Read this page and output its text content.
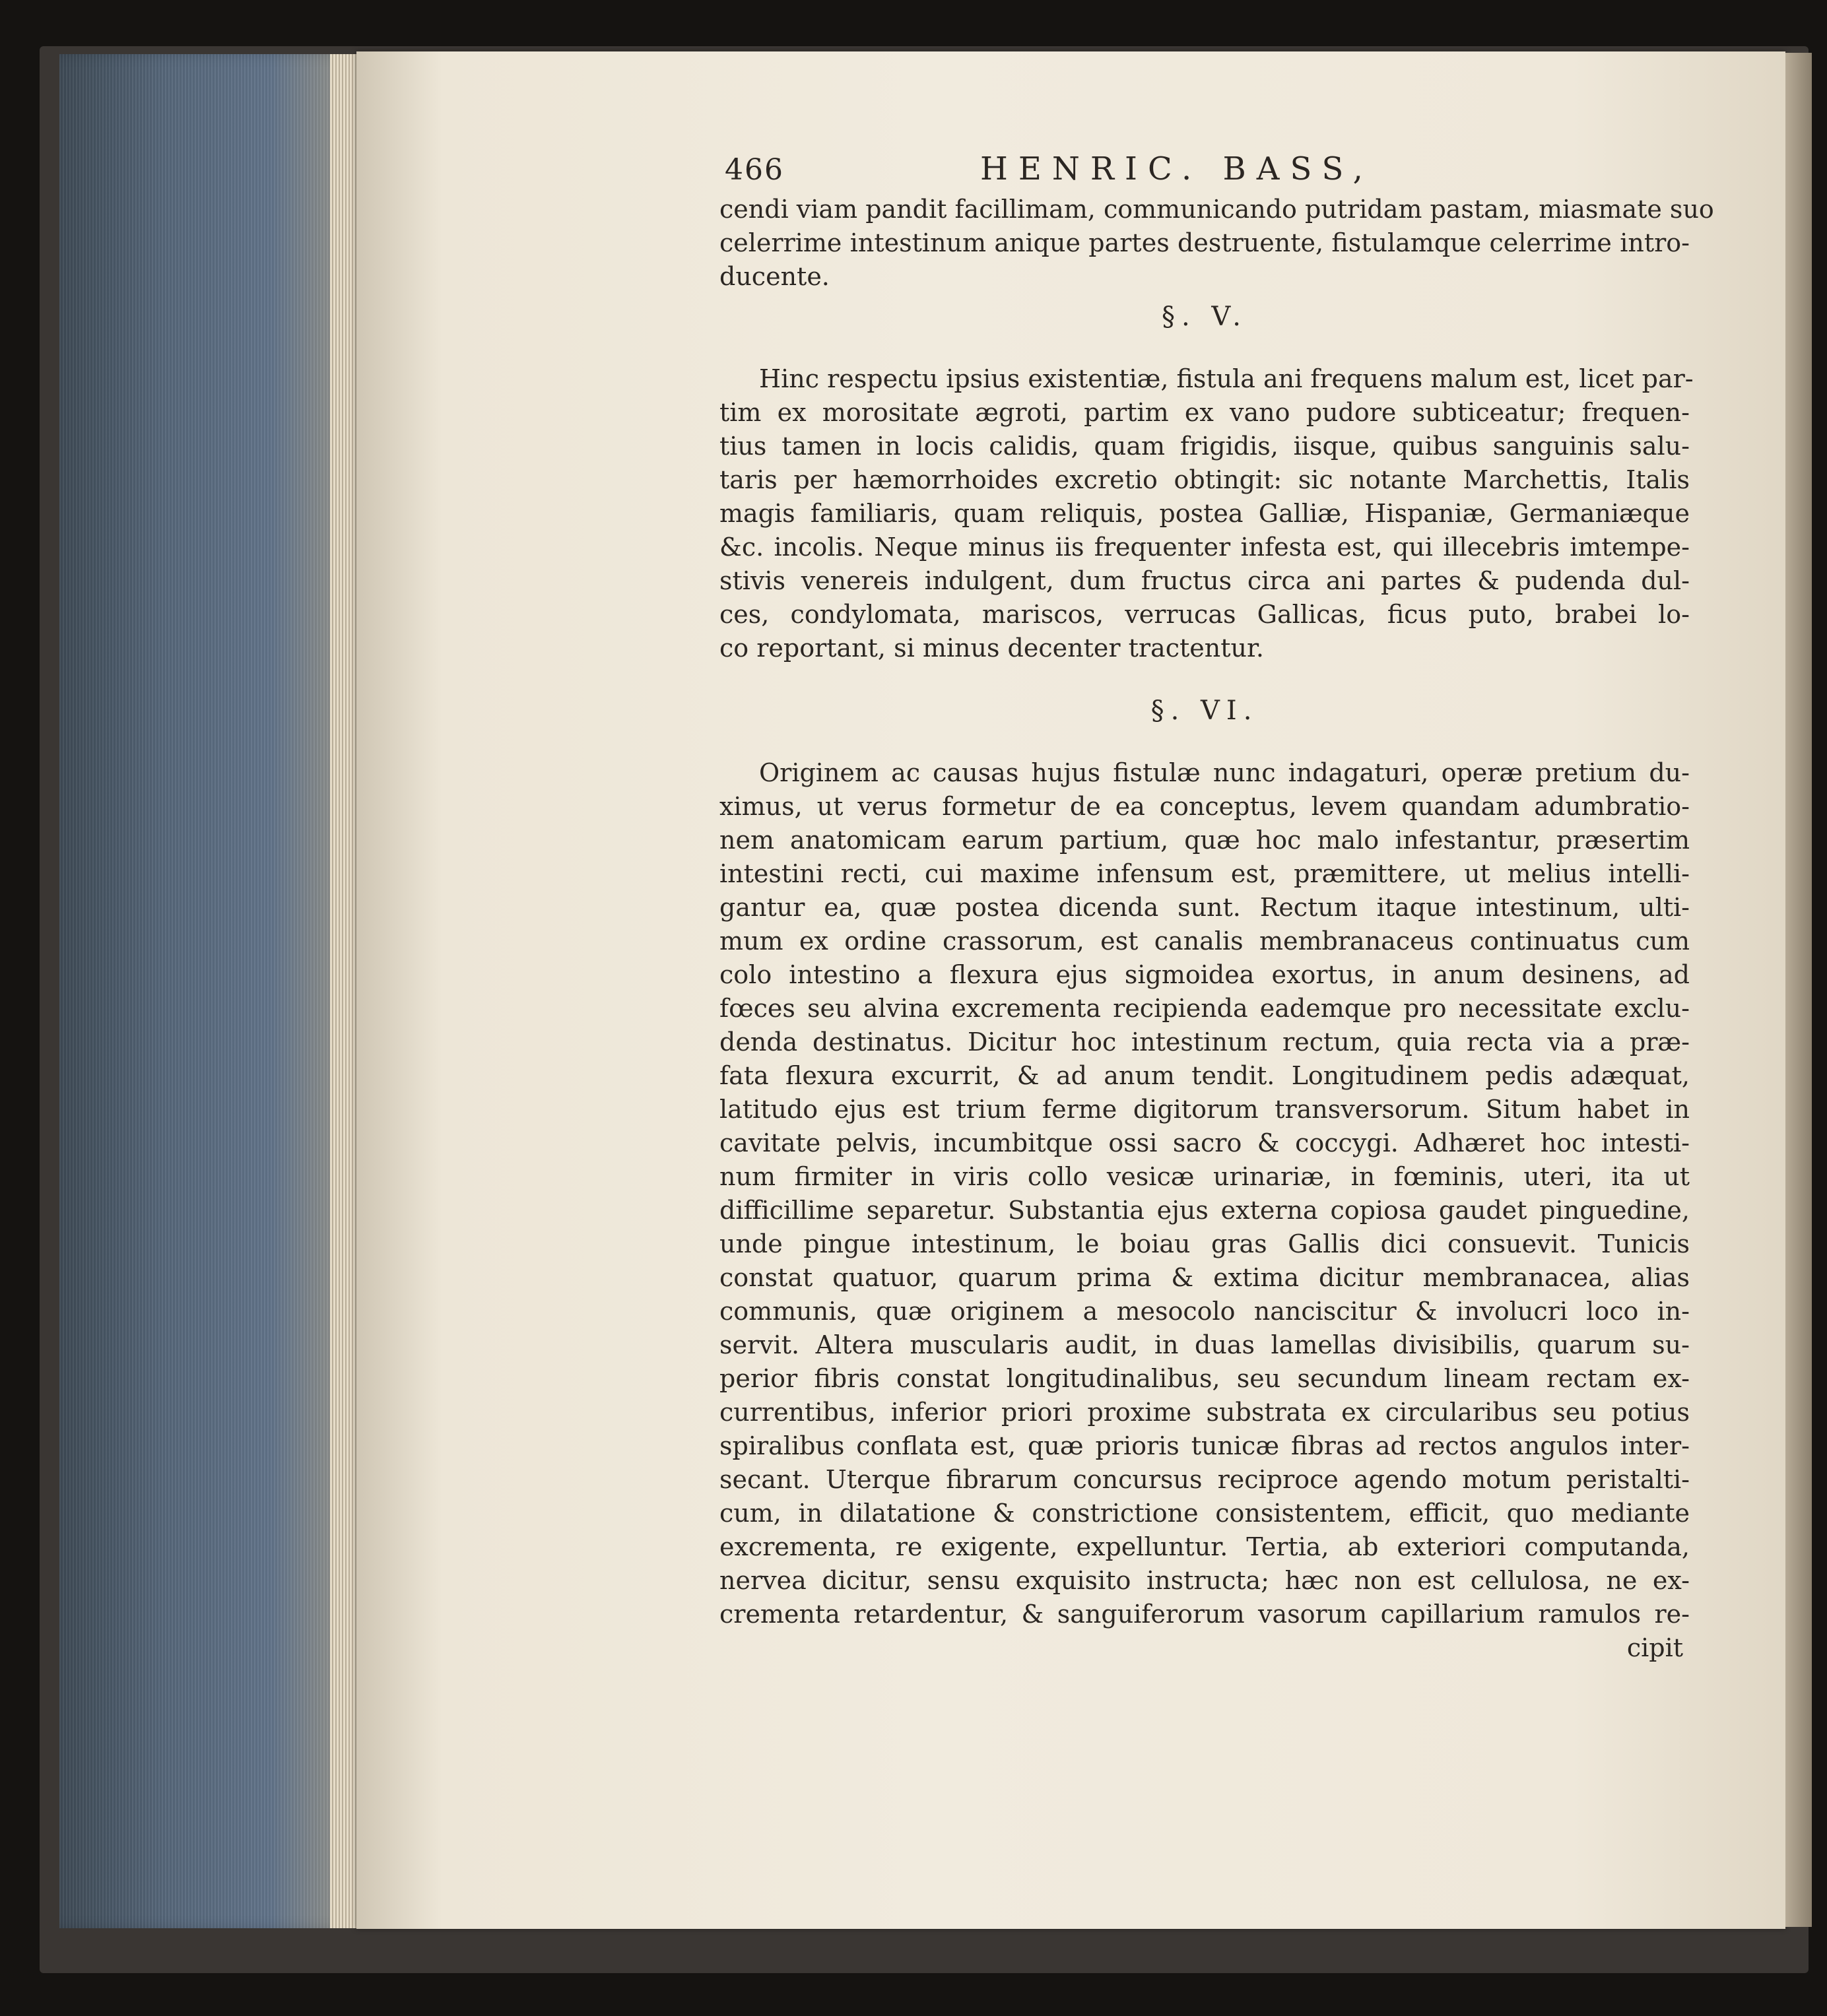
466	HENRIC. BASS,
cendi viam pandit facillimam, communicando putridam pastam, miasmate suo
celerrime intestinum anique partes destruente, fistulamque celerrime intro-
ducente.
§. V.
Hinc respectu ipsius existentiæ, fistula ani frequens malum est, licet par-
tim ex morositate ægroti, partim ex vano pudore subticeatur; frequen-
tius tamen in locis calidis, quam frigidis, iisque, quibus sanguinis salu-
taris per hæmorrhoides excretio obtingit: sic notante Marchettis, Italis
magis familiaris, quam reliquis, postea Galliæ, Hispaniæ, Germaniæque
&c. incolis. Neque minus iis frequenter infesta est, qui illecebris imtempe-
stivis venereis indulgent, dum fructus circa ani partes & pudenda dul-
ces, condylomata, mariscos, verrucas Gallicas, ficus puto, brabei lo-
co reportant, si minus decenter tractentur.
§. VI.
Originem ac causas hujus fistulæ nunc indagaturi, operæ pretium du-
ximus, ut verus formetur de ea conceptus, levem quandam adumbratio-
nem anatomicam earum partium, quæ hoc malo infestantur, præsertim
intestini recti, cui maxime infensum est, præmittere, ut melius intelli-
gantur ea, quæ postea dicenda sunt. Rectum itaque intestinum, ulti-
mum ex ordine crassorum, est canalis membranaceus continuatus cum
colo intestino a flexura ejus sigmoidea exortus, in anum desinens, ad
fœces seu alvina excrementa recipienda eademque pro necessitate exclu-
denda destinatus. Dicitur hoc intestinum rectum, quia recta via a præ-
fata flexura excurrit, & ad anum tendit. Longitudinem pedis adæquat,
latitudo ejus est trium ferme digitorum transversorum. Situm habet in
cavitate pelvis, incumbitque ossi sacro & coccygi. Adhæret hoc intesti-
num firmiter in viris collo vesicæ urinariæ, in fœminis, uteri, ita ut
difficillime separetur. Substantia ejus externa copiosa gaudet pinguedine,
unde pingue intestinum, le boiau gras Gallis dici consuevit. Tunicis
constat quatuor, quarum prima & extima dicitur membranacea, alias
communis, quæ originem a mesocolo nanciscitur & involucri loco in-
servit. Altera muscularis audit, in duas lamellas divisibilis, quarum su-
perior fibris constat longitudinalibus, seu secundum lineam rectam ex-
currentibus, inferior priori proxime substrata ex circularibus seu potius
spiralibus conflata est, quæ prioris tunicæ fibras ad rectos angulos inter-
secant. Uterque fibrarum concursus reciproce agendo motum peristalti-
cum, in dilatatione & constrictione consistentem, efficit, quo mediante
excrementa, re exigente, expelluntur. Tertia, ab exteriori computanda,
nervea dicitur, sensu exquisito instructa; hæc non est cellulosa, ne ex-
crementa retardentur, & sanguiferorum vasorum capillarium ramulos re-
cipit
